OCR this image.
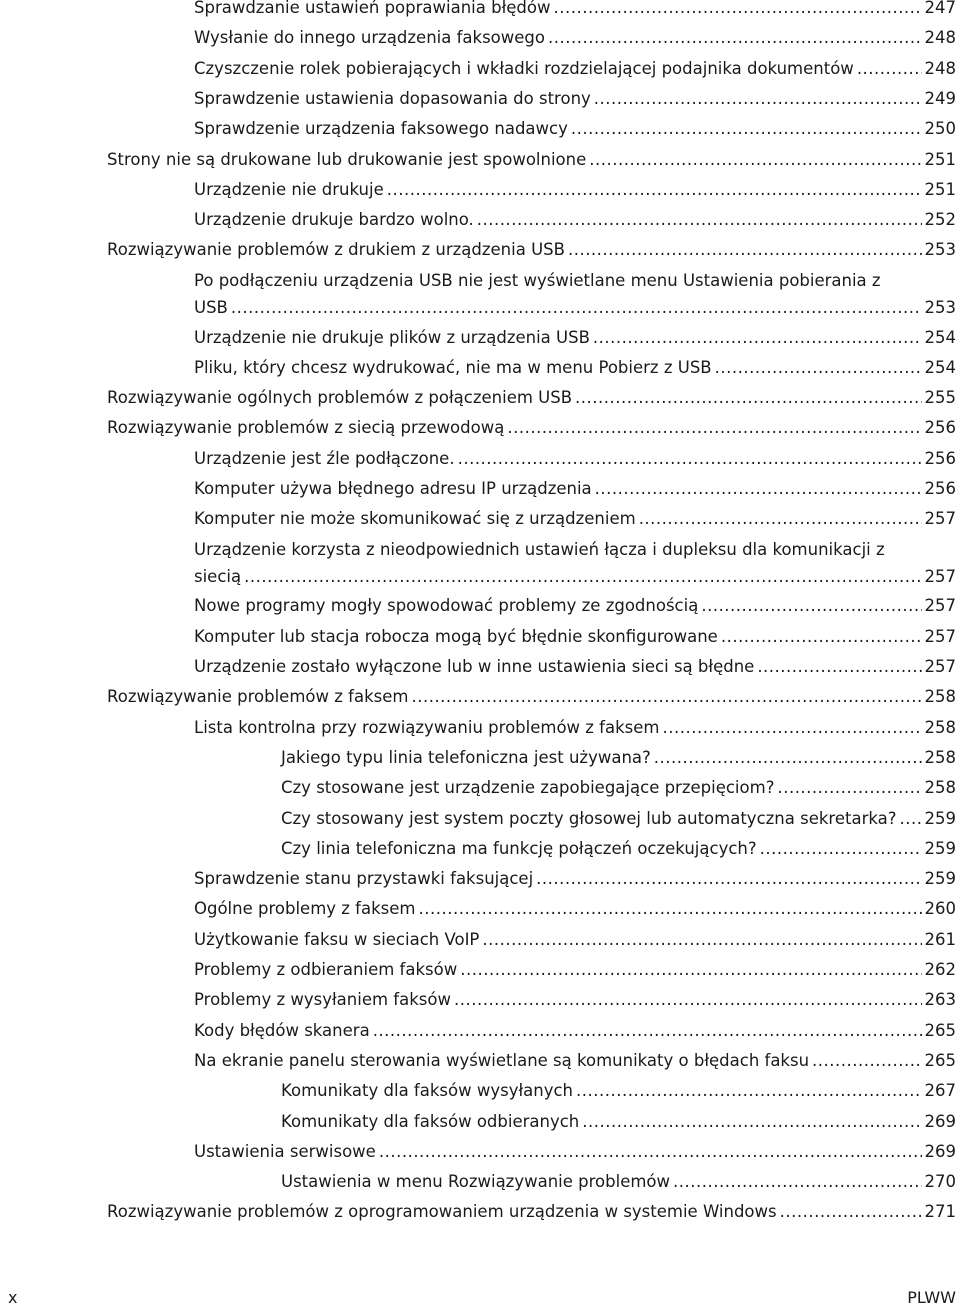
Sprawdzanie ustawień poprawiania błędów .....	247
Wysłanie do innego urządzenia faksowego .....	248
Czyszczenie rolek pobierających i wkładki rozdzielającej podajnika dokumentów .....	248
Sprawdzenie ustawienia dopasowania do strony .....	249
Sprawdzenie urządzenia faksowego nadawcy .....	250
Strony nie są drukowane lub drukowanie jest spowolnione .....	251
Urządzenie nie drukuje .....	251
Urządzenie drukuje bardzo wolno. .....	252
Rozwiązywanie problemów z drukiem z urządzenia USB .....	253
Po podłączeniu urządzenia USB nie jest wyświetlane menu Ustawienia pobierania z
USB .....	253
Urządzenie nie drukuje plików z urządzenia USB .....	254
Pliku, który chcesz wydrukować, nie ma w menu Pobierz z USB .....	254
Rozwiązywanie ogólnych problemów z połączeniem USB .....	255
Rozwiązywanie problemów z siecią przewodową .....	256
Urządzenie jest źle podłączone. .....	256
Komputer używa błędnego adresu IP urządzenia .....	256
Komputer nie może skomunikować się z urządzeniem .....	257
Urządzenie korzysta z nieodpowiednich ustawień łącza i dupleksu dla komunikacji z
siecią .....	257
Nowe programy mogły spowodować problemy ze zgodnością .....	257
Komputer lub stacja robocza mogą być błędnie skonfigurowane .....	257
Urządzenie zostało wyłączone lub w inne ustawienia sieci są błędne .....	257
Rozwiązywanie problemów z faksem .....	258
Lista kontrolna przy rozwiązywaniu problemów z faksem .....	258
Jakiego typu linia telefoniczna jest używana? .....	258
Czy stosowane jest urządzenie zapobiegające przepięciom? .....	258
Czy stosowany jest system poczty głosowej lub automatyczna sekretarka? ..... 259
Czy linia telefoniczna ma funkcję połączeń oczekujących? .....	259
Sprawdzenie stanu przystawki faksującej .....	259
Ogólne problemy z faksem .....	260
Użytkowanie faksu w sieciach VoIP .....	261
Problemy z odbieraniem faksów .....	262
Problemy z wysyłaniem faksów .....	263
Kody błędów skanera .....	265
Na ekranie panelu sterowania wyświetlane są komunikaty o błędach faksu .....	265
Komunikaty dla faksów wysyłanych .....	267
Komunikaty dla faksów odbieranych .....	269
Ustawienia serwisowe .....	269
Ustawienia w menu Rozwiązywanie problemów .....	270
Rozwiązywanie problemów z oprogramowaniem urządzenia w systemie Windows .....	271
x	PLWW
